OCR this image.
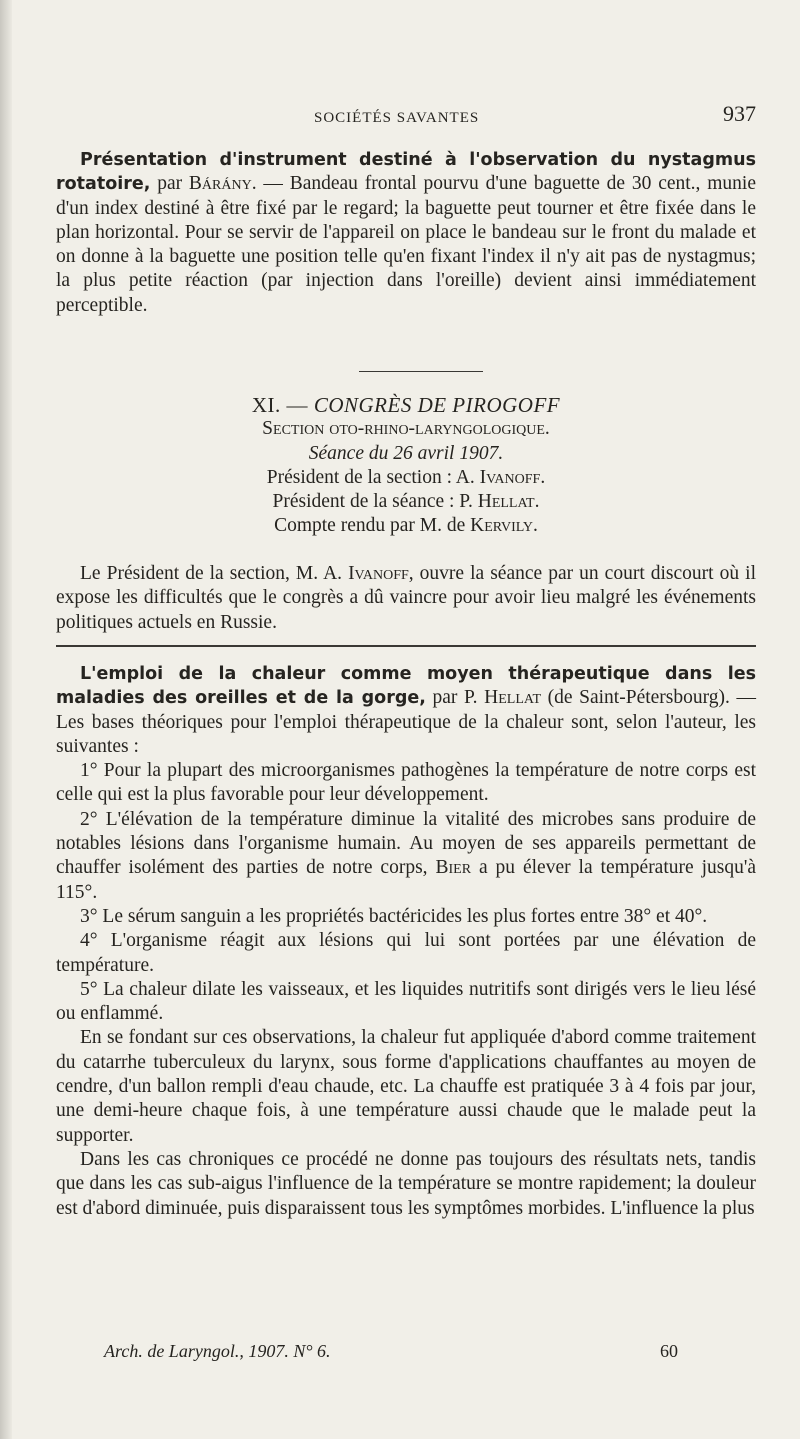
SOCIÉTÉS SAVANTES	937

Présentation d'instrument destiné à l'observation du nystagmus rotatoire, par Bárány. — Bandeau frontal pourvu d'une baguette de 30 cent., munie d'un index destiné à être fixé par le regard; la baguette peut tourner et être fixée dans le plan horizontal. Pour se servir de l'appareil on place le bandeau sur le front du malade et on donne à la baguette une position telle qu'en fixant l'index il n'y ait pas de nystagmus; la plus petite réaction (par injection dans l'oreille) devient ainsi immédiatement perceptible.

XI. — CONGRÈS DE PIROGOFF

Section oto-rhino-laryngologique.

Séance du 26 avril 1907.

Président de la section : A. Ivanoff.

Président de la séance : P. Hellat.

Compte rendu par M. de Kervily.

Le Président de la section, M. A. Ivanoff, ouvre la séance par un court discourt où il expose les difficultés que le congrès a dû vaincre pour avoir lieu malgré les événements politiques actuels en Russie.

L'emploi de la chaleur comme moyen thérapeutique dans les maladies des oreilles et de la gorge, par P. Hellat (de Saint-Pétersbourg). — Les bases théoriques pour l'emploi thérapeutique de la chaleur sont, selon l'auteur, les suivantes :

1° Pour la plupart des microorganismes pathogènes la température de notre corps est celle qui est la plus favorable pour leur développement.

2° L'élévation de la température diminue la vitalité des microbes sans produire de notables lésions dans l'organisme humain. Au moyen de ses appareils permettant de chauffer isolément des parties de notre corps, Bier a pu élever la température jusqu'à 115°.

3° Le sérum sanguin a les propriétés bactéricides les plus fortes entre 38° et 40°.

4° L'organisme réagit aux lésions qui lui sont portées par une élévation de température.

5° La chaleur dilate les vaisseaux, et les liquides nutritifs sont dirigés vers le lieu lésé ou enflammé.

En se fondant sur ces observations, la chaleur fut appliquée d'abord comme traitement du catarrhe tuberculeux du larynx, sous forme d'applications chauffantes au moyen de cendre, d'un ballon rempli d'eau chaude, etc. La chauffe est pratiquée 3 à 4 fois par jour, une demi-heure chaque fois, à une température aussi chaude que le malade peut la supporter.

Dans les cas chroniques ce procédé ne donne pas toujours des résultats nets, tandis que dans les cas sub-aigus l'influence de la température se montre rapidement; la douleur est d'abord diminuée, puis disparaissent tous les symptômes morbides. L'influence la plus

Arch. de Laryngol., 1907. N° 6.	60
